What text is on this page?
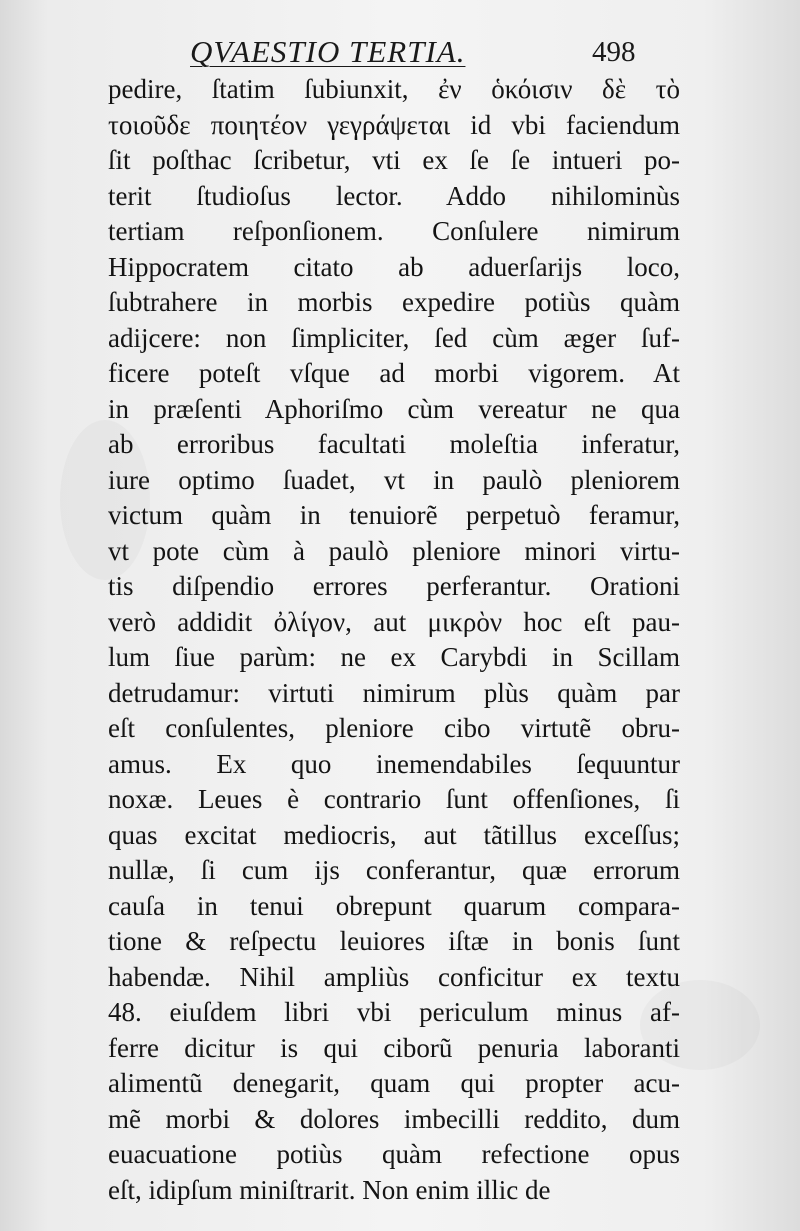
QVAESTIO TERTIA.	498
pedire, ſtatim ſubiunxit, ἐν ὁκόισιν δὲ τὸ
τοιοῦδε ποιητέον γεγράψεται id vbi faciendum
ſit poſthac ſcribetur, vti ex ſe ſe intueri po-
terit ſtudioſus lector. Addo nihilominùs
tertiam reſponſionem. Conſulere nimirum
Hippocratem citato ab aduerſarijs loco,
ſubtrahere in morbis expedire potiùs quàm
adijcere: non ſimpliciter, ſed cùm æger ſuf-
ficere poteſt vſque ad morbi vigorem. At
in præſenti Aphoriſmo cùm vereatur ne qua
ab erroribus facultati moleſtia inferatur,
iure optimo ſuadet, vt in paulò pleniorem
victum quàm in tenuiorẽ perpetuò feramur,
vt pote cùm à paulò pleniore minori virtu-
tis diſpendio errores perferantur. Orationi
verò addidit ὀλίγον, aut μικρὸν hoc eſt pau-
lum ſiue parùm: ne ex Carybdi in Scillam
detrudamur: virtuti nimirum plùs quàm par
eſt conſulentes, pleniore cibo virtutẽ obru-
amus. Ex quo inemendabiles ſequuntur
noxæ. Leues è contrario ſunt offenſiones, ſi
quas excitat mediocris, aut tãtillus exceſſus;
nullæ, ſi cum ijs conferantur, quæ errorum
cauſa in tenui obrepunt quarum compara-
tione & reſpectu leuiores iſtæ in bonis ſunt
habendæ. Nihil ampliùs conficitur ex textu
48. eiuſdem libri vbi periculum minus af-
ferre dicitur is qui ciborũ penuria laboranti
alimentũ denegarit, quam qui propter acu-
mẽ morbi & dolores imbecilli reddito, dum
euacuatione potiùs quàm refectione opus
eſt, idipſum miniſtrarit. Non enim illic de
